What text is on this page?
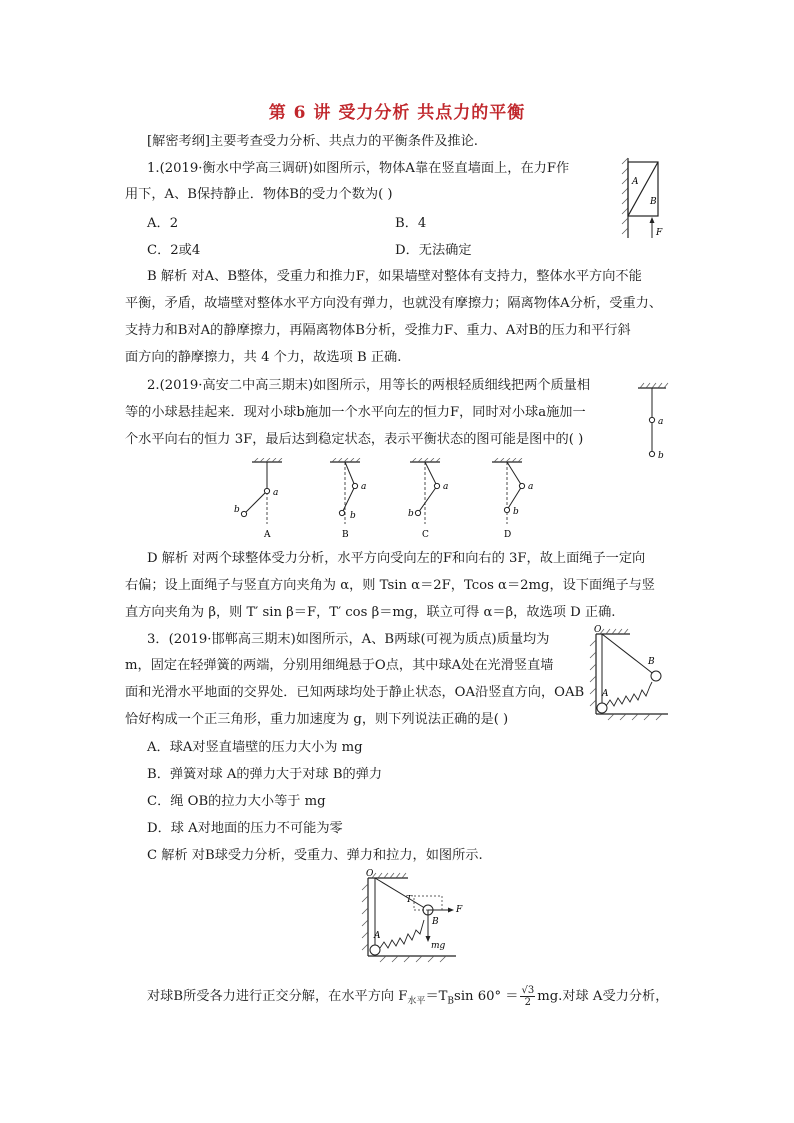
第 6 讲 受力分析 共点力的平衡
[解密考纲]主要考查受力分析、共点力的平衡条件及推论.
1.(2019·衡水中学高三调研)如图所示，物体A靠在竖直墙面上，在力F作
用下，A、B保持静止．物体B的受力个数为( )
A．2	B．4
C．2或4	D．无法确定
B 解析 对A、B整体，受重力和推力F，如果墙壁对整体有支持力，整体水平方向不能
平衡，矛盾，故墙壁对整体水平方向没有弹力，也就没有摩擦力；隔离物体A分析，受重力、
支持力和B对A的静摩擦力，再隔离物体B分析，受推力F、重力、A对B的压力和平行斜
面方向的静摩擦力，共 4 个力，故选项 B 正确.
A
B
F
2.(2019·高安二中高三期末)如图所示，用等长的两根轻质细线把两个质量相
等的小球悬挂起来．现对小球b施加一个水平向左的恒力F，同时对小球a施加一
个水平向右的恒力 3F，最后达到稳定状态，表示平衡状态的图可能是图中的( )
a
b
a
b
a
b
a
b
a
b
A	B	C	D
D 解析 对两个球整体受力分析，水平方向受向左的F和向右的 3F，故上面绳子一定向
右偏；设上面绳子与竖直方向夹角为 α，则 Tsin α＝2F，Tcos α＝2mg，设下面绳子与竖
直方向夹角为 β，则 T′ sin β＝F，T′ cos β＝mg，联立可得 α＝β，故选项 D 正确.
3．(2019·邯郸高三期末)如图所示，A、B两球(可视为质点)质量均为
m，固定在轻弹簧的两端，分别用细绳悬于O点，其中球A处在光滑竖直墙
面和光滑水平地面的交界处．已知两球均处于静止状态，OA沿竖直方向，OAB
恰好构成一个正三角形，重力加速度为 g，则下列说法正确的是( )
O
A
B
A．球A对竖直墙壁的压力大小为 mg
B．弹簧对球 A的弹力大于对球 B的弹力
C．绳 OB的拉力大小等于 mg
D．球 A对地面的压力不可能为零
C 解析 对B球受力分析，受重力、弹力和拉力，如图所示.
O
A
B
F
T
mg
对球B所受各力进行正交分解，在水平方向 $F_{水平}=T_B\sin$ $60^\circ = \frac{√3}{2}$ mg.对球 A受力分析，
